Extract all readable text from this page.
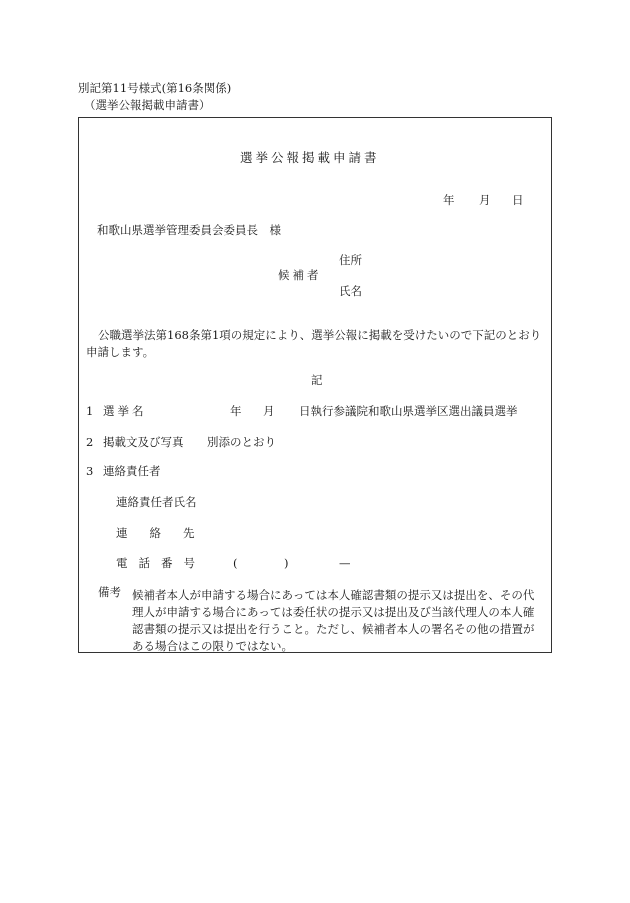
別記第11号様式(第16条関係)
（選挙公報掲載申請書）
選挙公報掲載申請書
年 月 日
和歌山県選挙管理委員会委員長　様
住所
候補者
氏名
公職選挙法第168条第1項の規定により、選挙公報に掲載を受けたいので下記のとおり申請します。
記
1 選挙名	年 月 日執行参議院和歌山県選挙区選出議員選挙
2 掲載文及び写真 別添のとおり
3 連絡責任者
連絡責任者氏名
連絡先
電話番号 (	)	—
備考 候補者本人が申請する場合にあっては本人確認書類の提示又は提出を、その代理人が申請する場合にあっては委任状の提示又は提出及び当該代理人の本人確認書類の提示又は提出を行うこと。ただし、候補者本人の署名その他の措置がある場合はこの限りではない。
